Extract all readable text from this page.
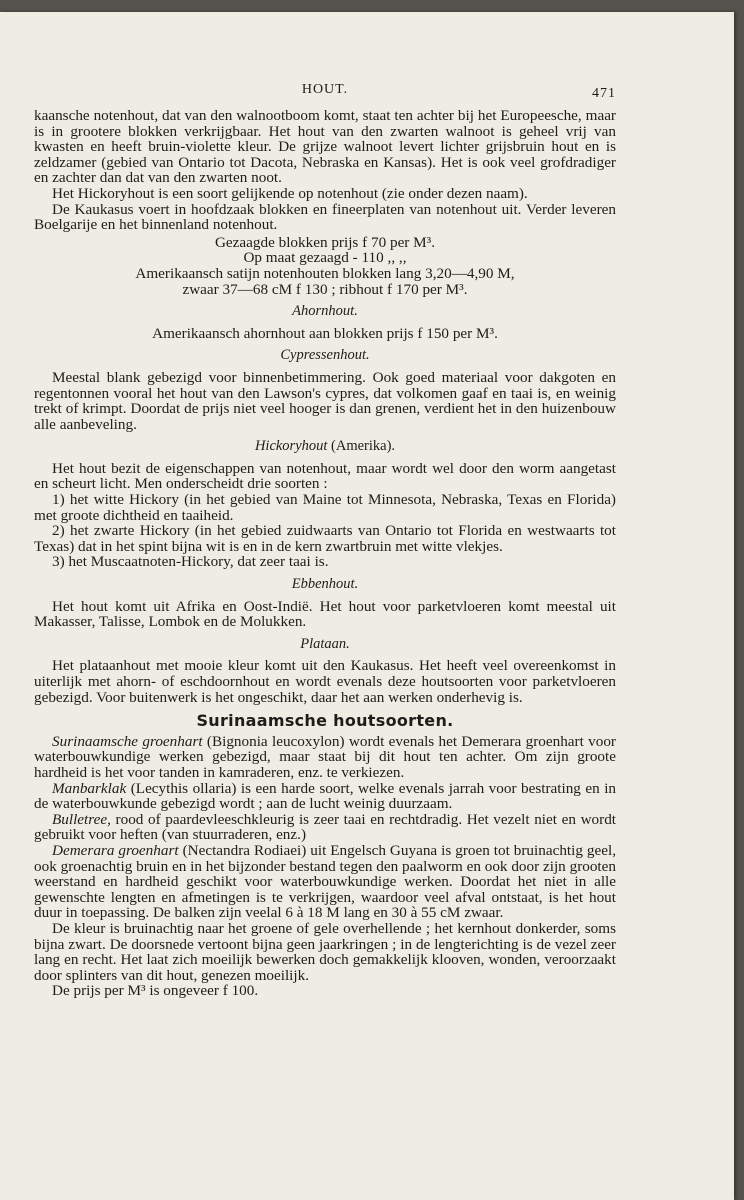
HOUT.	471

kaansche notenhout, dat van den walnootboom komt, staat ten achter bij het Europeesche, maar is in grootere blokken verkrijgbaar. Het hout van den zwarten walnoot is geheel vrij van kwasten en heeft bruin-violette kleur. De grijze walnoot levert lichter grijsbruin hout en is zeldzamer (gebied van Ontario tot Dacota, Nebraska en Kansas). Het is ook veel grofdradiger en zachter dan dat van den zwarten noot.

Het Hickoryhout is een soort gelijkende op notenhout (zie onder dezen naam).

De Kaukasus voert in hoofdzaak blokken en fineerplaten van notenhout uit. Verder leveren Boelgarije en het binnenland notenhout.

Gezaagde blokken prijs f 70 per M³.

Op maat gezaagd - 110 ,, ,,

Amerikaansch satijn notenhouten blokken lang 3,20—4,90 M,

zwaar 37—68 cM f 130 ; ribhout f 170 per M³.

Ahornhout.

Amerikaansch ahornhout aan blokken prijs f 150 per M³.

Cypressenhout.

Meestal blank gebezigd voor binnenbetimmering. Ook goed materiaal voor dakgoten en regentonnen vooral het hout van den Lawson's cypres, dat volkomen gaaf en taai is, en weinig trekt of krimpt. Doordat de prijs niet veel hooger is dan grenen, verdient het in den huizenbouw alle aanbeveling.

Hickoryhout (Amerika).

Het hout bezit de eigenschappen van notenhout, maar wordt wel door den worm aangetast en scheurt licht. Men onderscheidt drie soorten :

1) het witte Hickory (in het gebied van Maine tot Minnesota, Nebraska, Texas en Florida) met groote dichtheid en taaiheid.

2) het zwarte Hickory (in het gebied zuidwaarts van Ontario tot Florida en westwaarts tot Texas) dat in het spint bijna wit is en in de kern zwartbruin met witte vlekjes.

3) het Muscaatnoten-Hickory, dat zeer taai is.

Ebbenhout.

Het hout komt uit Afrika en Oost-Indië. Het hout voor parketvloeren komt meestal uit Makasser, Talisse, Lombok en de Molukken.

Plataan.

Het plataanhout met mooie kleur komt uit den Kaukasus. Het heeft veel overeenkomst in uiterlijk met ahorn- of eschdoornhout en wordt evenals deze houtsoorten voor parketvloeren gebezigd. Voor buitenwerk is het ongeschikt, daar het aan werken onderhevig is.

Surinaamsche houtsoorten.

Surinaamsche groenhart (Bignonia leucoxylon) wordt evenals het Demerara groenhart voor waterbouwkundige werken gebezigd, maar staat bij dit hout ten achter. Om zijn groote hardheid is het voor tanden in kamraderen, enz. te verkiezen.

Manbarklak (Lecythis ollaria) is een harde soort, welke evenals jarrah voor bestrating en in de waterbouwkunde gebezigd wordt ; aan de lucht weinig duurzaam.

Bulletree, rood of paardevleeschkleurig is zeer taai en rechtdradig. Het vezelt niet en wordt gebruikt voor heften (van stuurraderen, enz.)

Demerara groenhart (Nectandra Rodiaei) uit Engelsch Guyana is groen tot bruinachtig geel, ook groenachtig bruin en in het bijzonder bestand tegen den paalworm en ook door zijn grooten weerstand en hardheid geschikt voor waterbouwkundige werken. Doordat het niet in alle gewenschte lengten en afmetingen is te verkrijgen, waardoor veel afval ontstaat, is het hout duur in toepassing. De balken zijn veelal 6 à 18 M lang en 30 à 55 cM zwaar.

De kleur is bruinachtig naar het groene of gele overhellende ; het kernhout donkerder, soms bijna zwart. De doorsnede vertoont bijna geen jaarkringen ; in de lengterichting is de vezel zeer lang en recht. Het laat zich moeilijk bewerken doch gemakkelijk klooven, wonden, veroorzaakt door splinters van dit hout, genezen moeilijk.

De prijs per M³ is ongeveer f 100.
